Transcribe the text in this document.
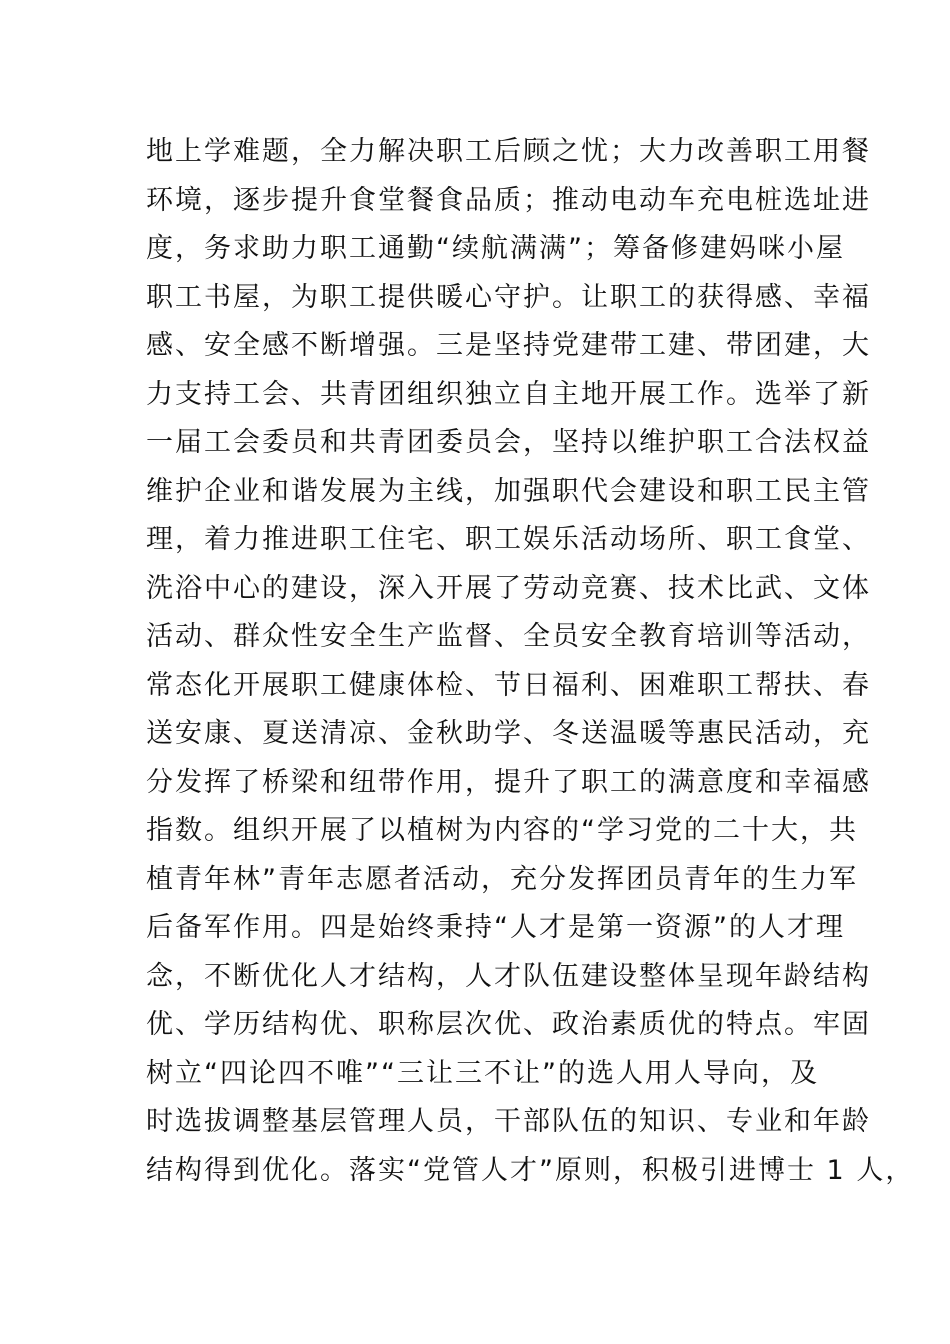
地上学难题，全力解决职工后顾之忧；大力改善职工用餐
环境，逐步提升食堂餐食品质；推动电动车充电桩选址进
度，务求助力职工通勤“续航满满”；筹备修建妈咪小屋
职工书屋，为职工提供暖心守护。让职工的获得感、幸福
感、安全感不断增强。三是坚持党建带工建、带团建，大
力支持工会、共青团组织独立自主地开展工作。选举了新
一届工会委员和共青团委员会，坚持以维护职工合法权益
维护企业和谐发展为主线，加强职代会建设和职工民主管
理，着力推进职工住宅、职工娱乐活动场所、职工食堂、
洗浴中心的建设，深入开展了劳动竞赛、技术比武、文体
活动、群众性安全生产监督、全员安全教育培训等活动，
常态化开展职工健康体检、节日福利、困难职工帮扶、春
送安康、夏送清凉、金秋助学、冬送温暖等惠民活动，充
分发挥了桥梁和纽带作用，提升了职工的满意度和幸福感
指数。组织开展了以植树为内容的“学习党的二十大，共
植青年林”青年志愿者活动，充分发挥团员青年的生力军
后备军作用。四是始终秉持“人才是第一资源”的人才理
念，不断优化人才结构，人才队伍建设整体呈现年龄结构
优、学历结构优、职称层次优、政治素质优的特点。牢固
树立“四论四不唯”“三让三不让”的选人用人导向，及
时选拔调整基层管理人员，干部队伍的知识、专业和年龄
结构得到优化。落实“党管人才”原则，积极引进博士 1 人，
